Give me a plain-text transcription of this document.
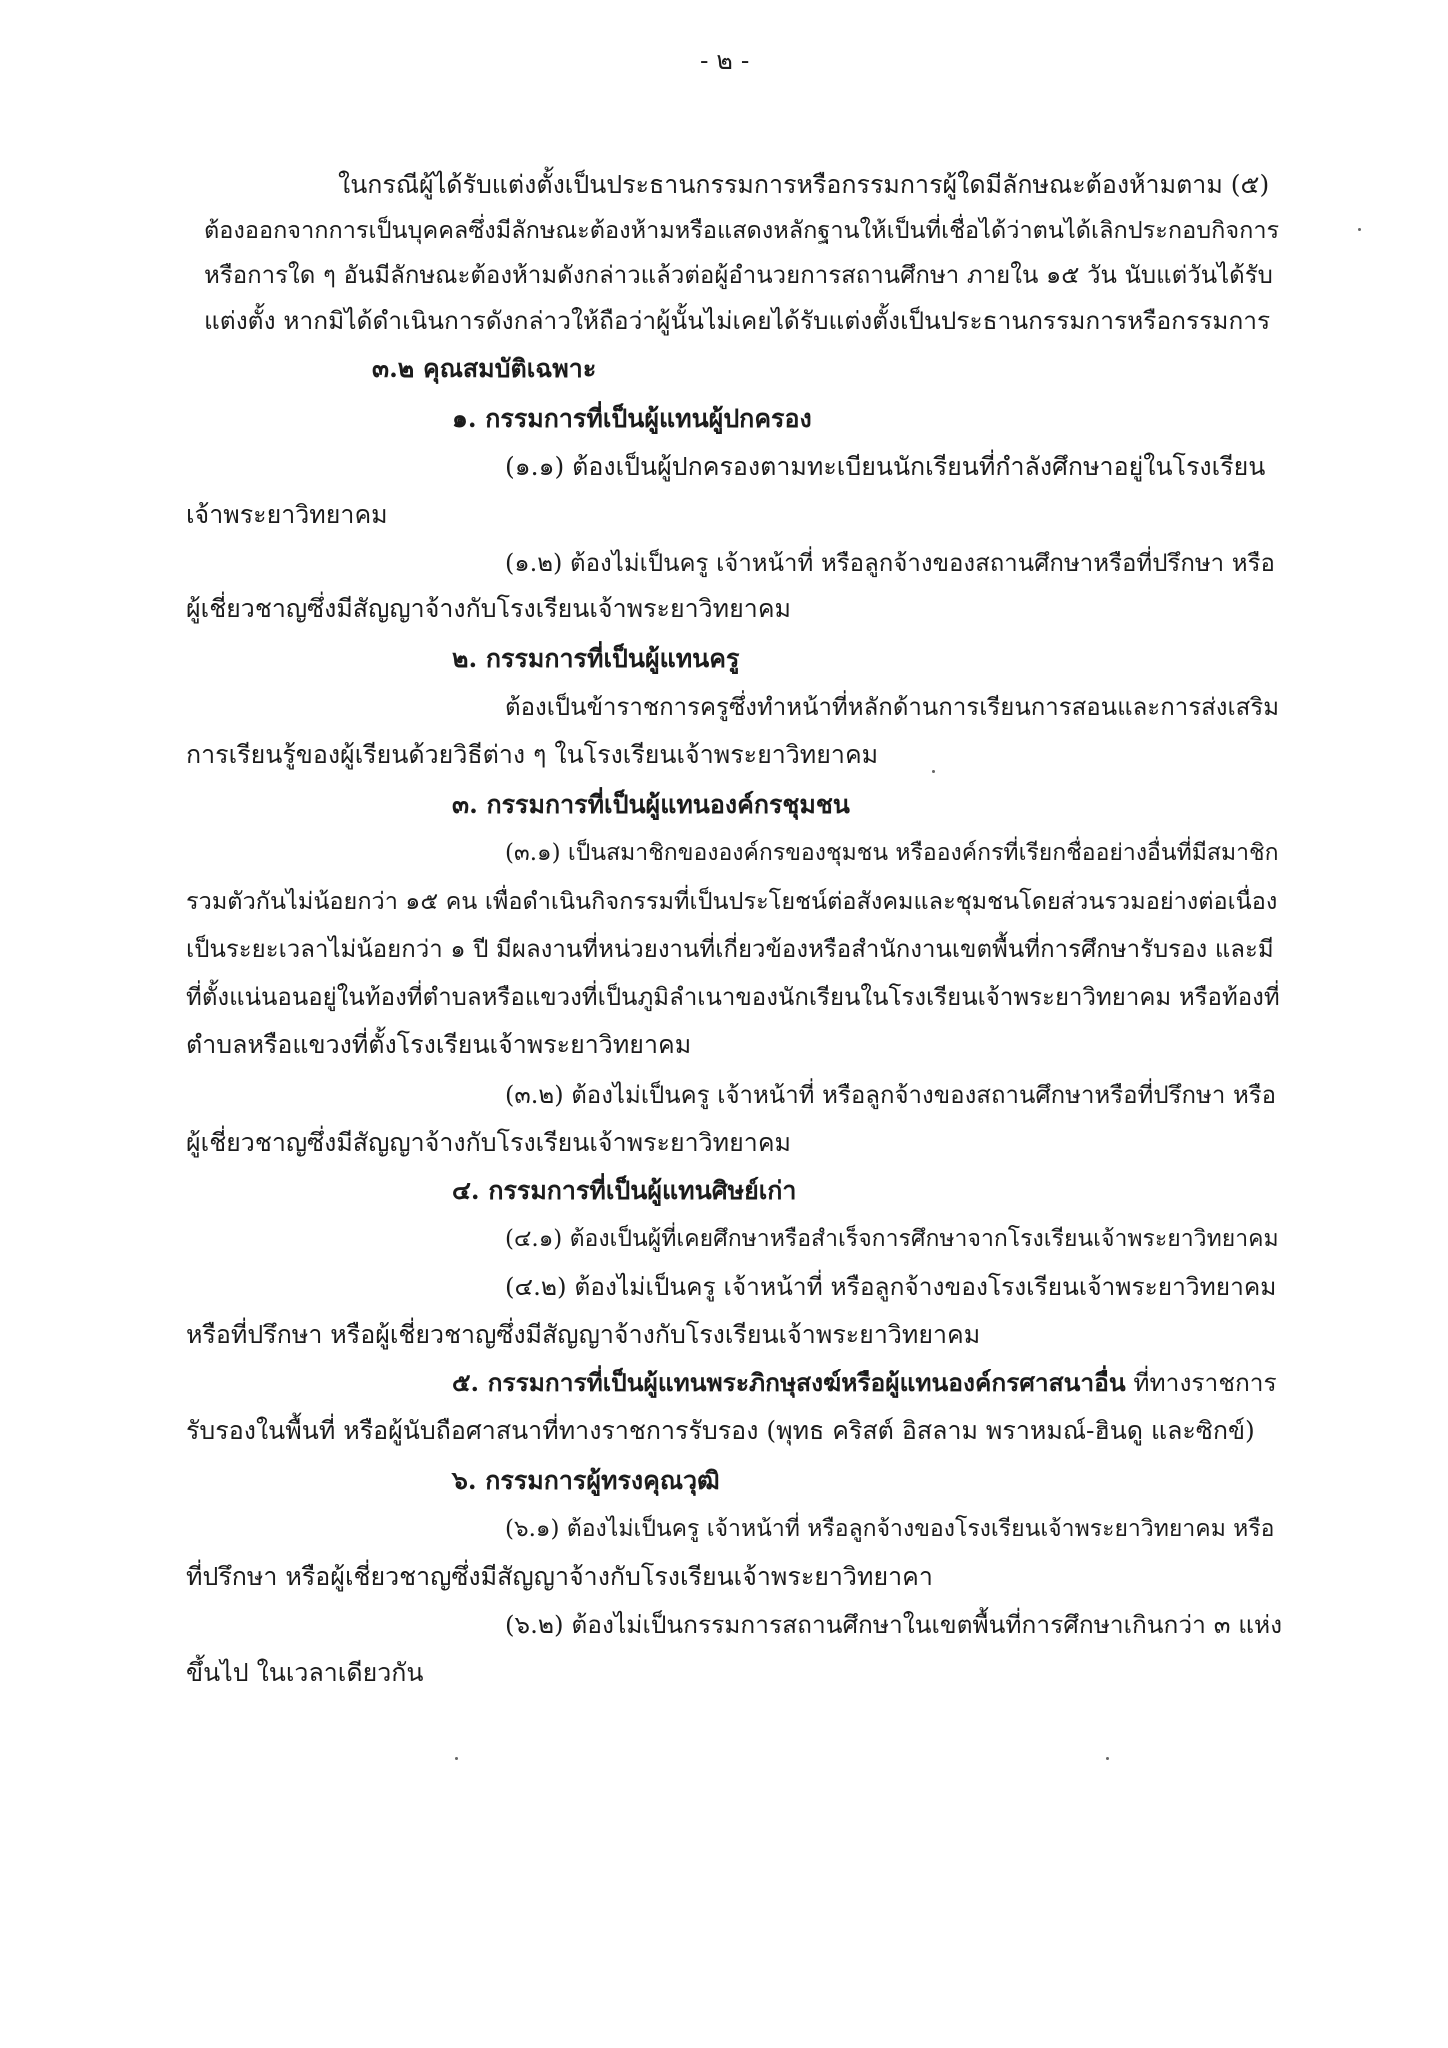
- ๒ -
ในกรณีผู้ได้รับแต่งตั้งเป็นประธานกรรมการหรือกรรมการผู้ใดมีลักษณะต้องห้ามตาม (๕)
ต้องออกจากการเป็นบุคคลซึ่งมีลักษณะต้องห้ามหรือแสดงหลักฐานให้เป็นที่เชื่อได้ว่าตนได้เลิกประกอบกิจการ
หรือการใด ๆ อันมีลักษณะต้องห้ามดังกล่าวแล้วต่อผู้อำนวยการสถานศึกษา ภายใน ๑๕ วัน นับแต่วันได้รับ
แต่งตั้ง หากมิได้ดำเนินการดังกล่าวให้ถือว่าผู้นั้นไม่เคยได้รับแต่งตั้งเป็นประธานกรรมการหรือกรรมการ
๓.๒ คุณสมบัติเฉพาะ
๑. กรรมการที่เป็นผู้แทนผู้ปกครอง
(๑.๑) ต้องเป็นผู้ปกครองตามทะเบียนนักเรียนที่กำลังศึกษาอยู่ในโรงเรียน
เจ้าพระยาวิทยาคม
(๑.๒) ต้องไม่เป็นครู เจ้าหน้าที่ หรือลูกจ้างของสถานศึกษาหรือที่ปรึกษา หรือ
ผู้เชี่ยวชาญซึ่งมีสัญญาจ้างกับโรงเรียนเจ้าพระยาวิทยาคม
๒. กรรมการที่เป็นผู้แทนครู
ต้องเป็นข้าราชการครูซึ่งทำหน้าที่หลักด้านการเรียนการสอนและการส่งเสริม
การเรียนรู้ของผู้เรียนด้วยวิธีต่าง ๆ ในโรงเรียนเจ้าพระยาวิทยาคม
๓. กรรมการที่เป็นผู้แทนองค์กรชุมชน
(๓.๑) เป็นสมาชิกขององค์กรของชุมชน หรือองค์กรที่เรียกชื่ออย่างอื่นที่มีสมาชิก
รวมตัวกันไม่น้อยกว่า ๑๕ คน เพื่อดำเนินกิจกรรมที่เป็นประโยชน์ต่อสังคมและชุมชนโดยส่วนรวมอย่างต่อเนื่อง
เป็นระยะเวลาไม่น้อยกว่า ๑ ปี มีผลงานที่หน่วยงานที่เกี่ยวข้องหรือสำนักงานเขตพื้นที่การศึกษารับรอง และมี
ที่ตั้งแน่นอนอยู่ในท้องที่ตำบลหรือแขวงที่เป็นภูมิลำเนาของนักเรียนในโรงเรียนเจ้าพระยาวิทยาคม หรือท้องที่
ตำบลหรือแขวงที่ตั้งโรงเรียนเจ้าพระยาวิทยาคม
(๓.๒) ต้องไม่เป็นครู เจ้าหน้าที่ หรือลูกจ้างของสถานศึกษาหรือที่ปรึกษา หรือ
ผู้เชี่ยวชาญซึ่งมีสัญญาจ้างกับโรงเรียนเจ้าพระยาวิทยาคม
๔. กรรมการที่เป็นผู้แทนศิษย์เก่า
(๔.๑) ต้องเป็นผู้ที่เคยศึกษาหรือสำเร็จการศึกษาจากโรงเรียนเจ้าพระยาวิทยาคม
(๔.๒) ต้องไม่เป็นครู เจ้าหน้าที่ หรือลูกจ้างของโรงเรียนเจ้าพระยาวิทยาคม
หรือที่ปรึกษา หรือผู้เชี่ยวชาญซึ่งมีสัญญาจ้างกับโรงเรียนเจ้าพระยาวิทยาคม
๕. กรรมการที่เป็นผู้แทนพระภิกษุสงฆ์หรือผู้แทนองค์กรศาสนาอื่น ที่ทางราชการ
รับรองในพื้นที่ หรือผู้นับถือศาสนาที่ทางราชการรับรอง (พุทธ คริสต์ อิสลาม พราหมณ์-ฮินดู และซิกข์)
๖. กรรมการผู้ทรงคุณวุฒิ
(๖.๑) ต้องไม่เป็นครู เจ้าหน้าที่ หรือลูกจ้างของโรงเรียนเจ้าพระยาวิทยาคม หรือ
ที่ปรึกษา หรือผู้เชี่ยวชาญซึ่งมีสัญญาจ้างกับโรงเรียนเจ้าพระยาวิทยาคา
(๖.๒) ต้องไม่เป็นกรรมการสถานศึกษาในเขตพื้นที่การศึกษาเกินกว่า ๓ แห่ง
ขึ้นไป ในเวลาเดียวกัน
